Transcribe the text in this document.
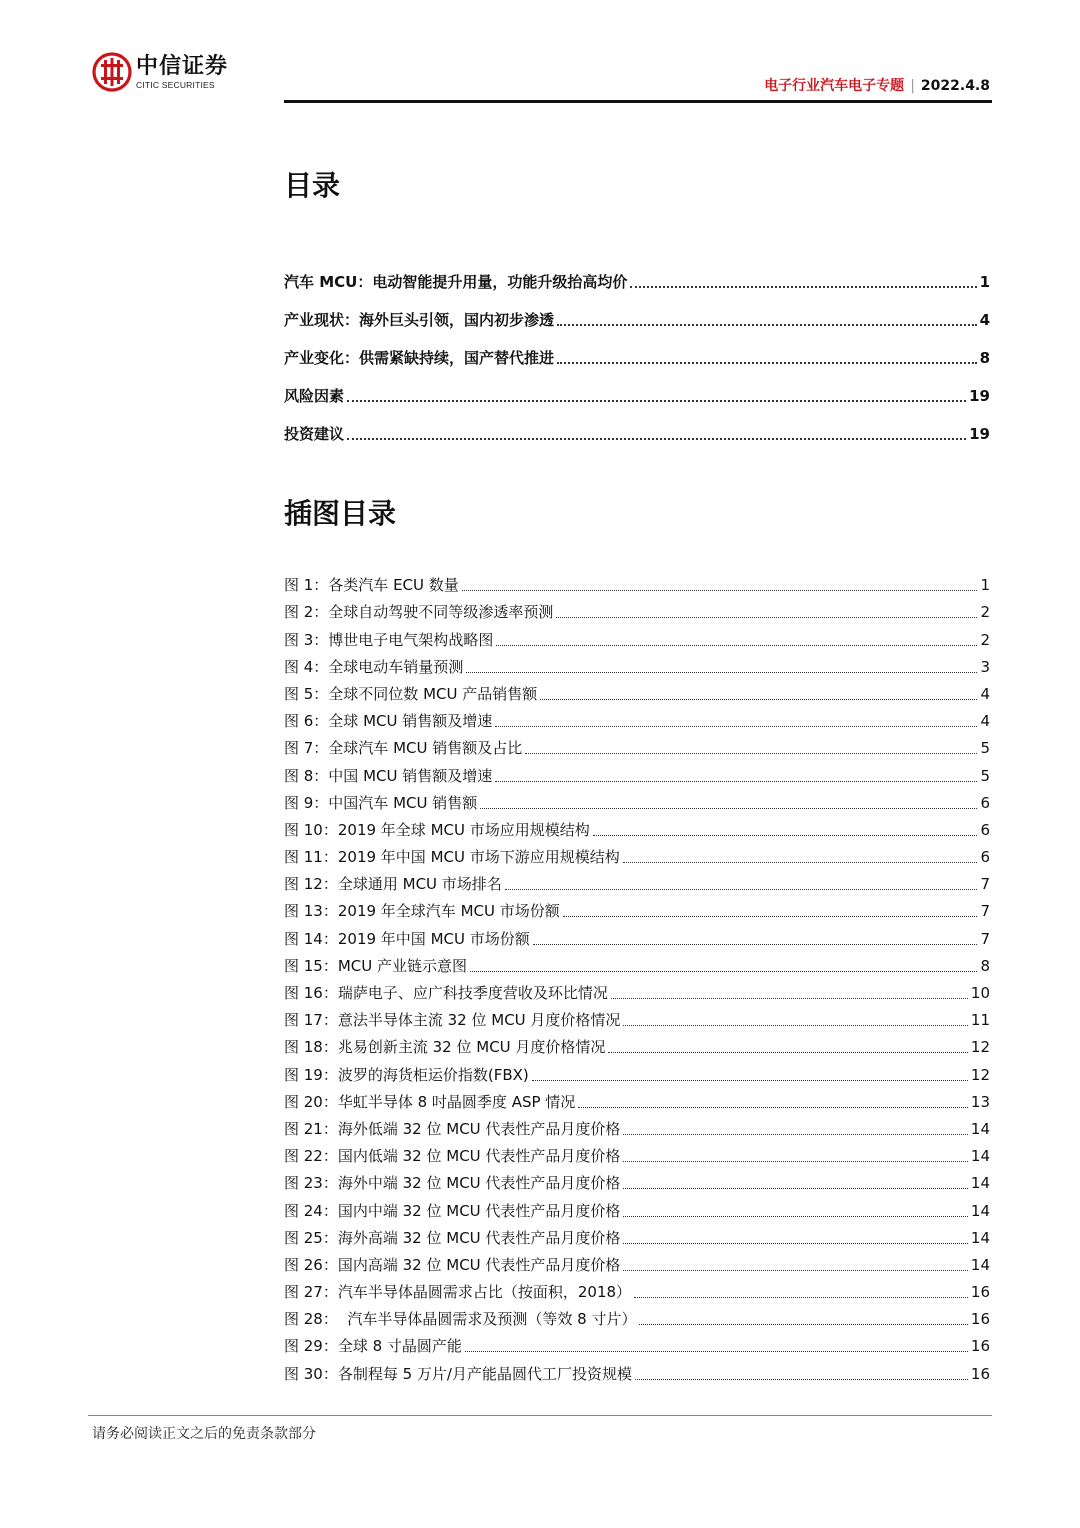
中信证券
CITIC SECURITIES	电子行业汽车电子专题 | 2022.4.8
目录
汽车 MCU：电动智能提升用量，功能升级抬高均价	1
产业现状：海外巨头引领，国内初步渗透	4
产业变化：供需紧缺持续，国产替代推进	8
风险因素	19
投资建议	19
插图目录
图 1：各类汽车 ECU 数量	1
图 2：全球自动驾驶不同等级渗透率预测	2
图 3：博世电子电气架构战略图	2
图 4：全球电动车销量预测	3
图 5：全球不同位数 MCU 产品销售额	4
图 6：全球 MCU 销售额及增速	4
图 7：全球汽车 MCU 销售额及占比	5
图 8：中国 MCU 销售额及增速	5
图 9：中国汽车 MCU 销售额	6
图 10：2019 年全球 MCU 市场应用规模结构	6
图 11：2019 年中国 MCU 市场下游应用规模结构	6
图 12：全球通用 MCU 市场排名	7
图 13：2019 年全球汽车 MCU 市场份额	7
图 14：2019 年中国 MCU 市场份额	7
图 15：MCU 产业链示意图	8
图 16：瑞萨电子、应广科技季度营收及环比情况	10
图 17：意法半导体主流 32 位 MCU 月度价格情况	11
图 18：兆易创新主流 32 位 MCU 月度价格情况	12
图 19：波罗的海货柜运价指数(FBX)	12
图 20：华虹半导体 8 吋晶圆季度 ASP 情况	13
图 21：海外低端 32 位 MCU 代表性产品月度价格	14
图 22：国内低端 32 位 MCU 代表性产品月度价格	14
图 23：海外中端 32 位 MCU 代表性产品月度价格	14
图 24：国内中端 32 位 MCU 代表性产品月度价格	14
图 25：海外高端 32 位 MCU 代表性产品月度价格	14
图 26：国内高端 32 位 MCU 代表性产品月度价格	14
图 27：汽车半导体晶圆需求占比（按面积，2018）	16
图 28：  汽车半导体晶圆需求及预测（等效 8 寸片）	16
图 29：全球 8 寸晶圆产能	16
图 30：各制程每 5 万片/月产能晶圆代工厂投资规模	16
请务必阅读正文之后的免责条款部分
